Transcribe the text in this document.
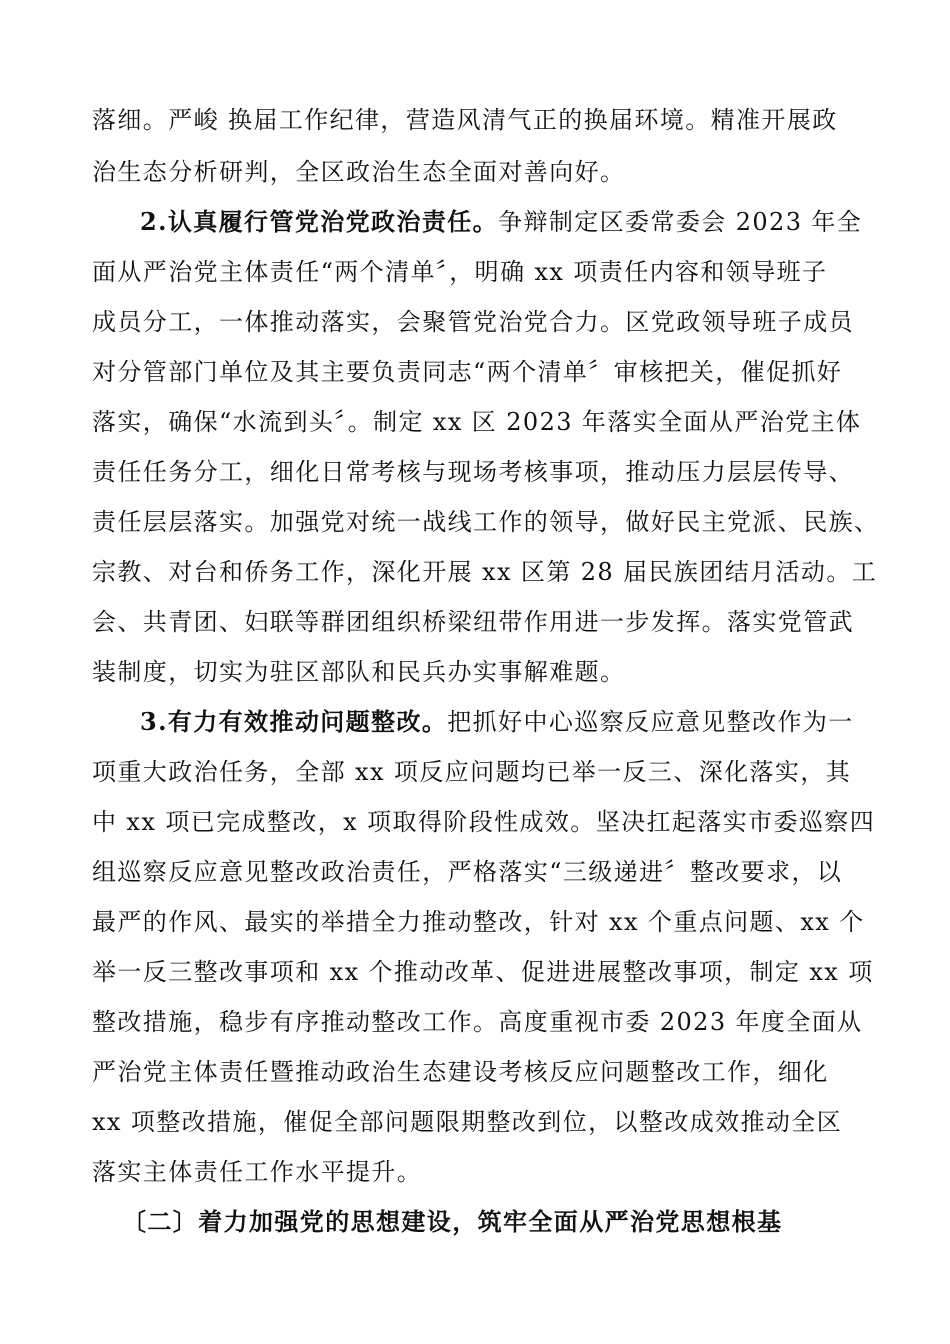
落细。严峻 换届工作纪律，营造风清气正的换届环境。精准开展政
治生态分析研判，全区政治生态全面对善向好。
2.认真履行管党治党政治责任。争辩制定区委常委会 2023 年全
面从严治党主体责任“两个清单〞，明确 xx 项责任内容和领导班子
成员分工，一体推动落实，会聚管党治党合力。区党政领导班子成员
对分管部门单位及其主要负责同志“两个清单〞审核把关，催促抓好
落实，确保“水流到头〞。制定 xx 区 2023 年落实全面从严治党主体
责任任务分工，细化日常考核与现场考核事项，推动压力层层传导、
责任层层落实。加强党对统一战线工作的领导，做好民主党派、民族、
宗教、对台和侨务工作，深化开展 xx 区第 28 届民族团结月活动。工
会、共青团、妇联等群团组织桥梁纽带作用进一步发挥。落实党管武
装制度，切实为驻区部队和民兵办实事解难题。
3.有力有效推动问题整改。把抓好中心巡察反应意见整改作为一
项重大政治任务，全部 xx 项反应问题均已举一反三、深化落实，其
中 xx 项已完成整改，x 项取得阶段性成效。坚决扛起落实市委巡察四
组巡察反应意见整改政治责任，严格落实“三级递进〞整改要求，以
最严的作风、最实的举措全力推动整改，针对 xx 个重点问题、xx 个
举一反三整改事项和 xx 个推动改革、促进进展整改事项，制定 xx 项
整改措施，稳步有序推动整改工作。高度重视市委 2023 年度全面从
严治党主体责任暨推动政治生态建设考核反应问题整改工作，细化
xx 项整改措施，催促全部问题限期整改到位，以整改成效推动全区
落实主体责任工作水平提升。
〔二〕着力加强党的思想建设，筑牢全面从严治党思想根基
